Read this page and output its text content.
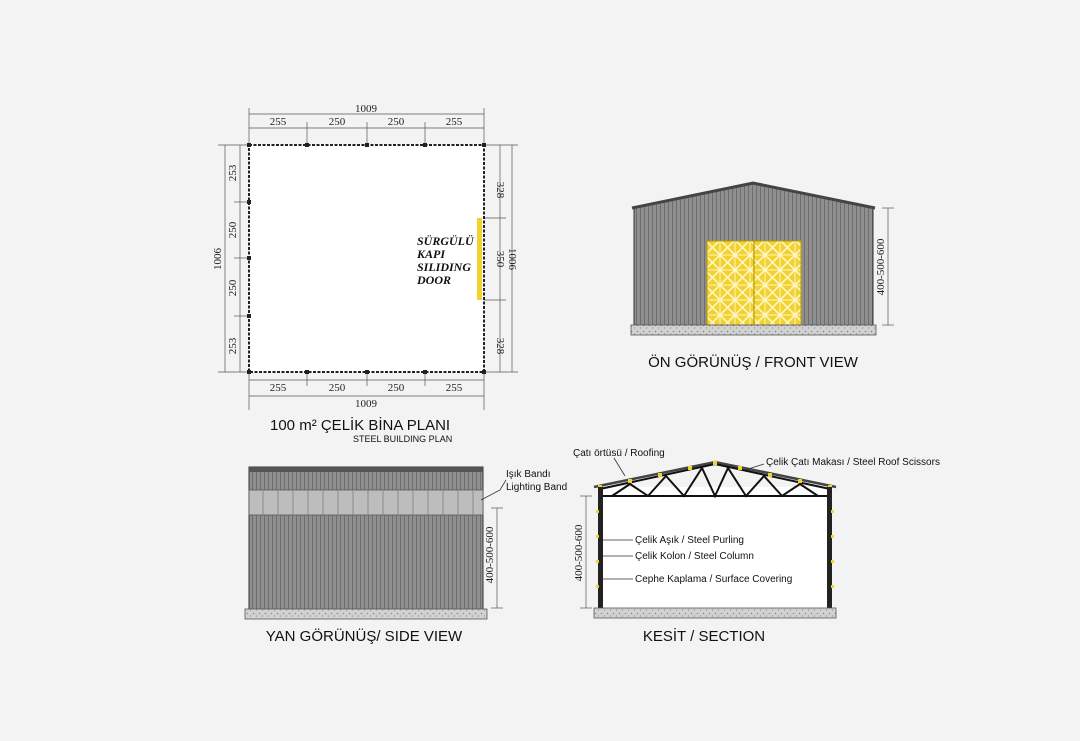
1009
255	250	250	255
255	250	250	255
1009
1006
253
250
250
253
328
350
328
1006
SÜRGÜLÜ
KAPI
SILIDING
DOOR
100 m² ÇELİK BİNA PLANI
STEEL BUILDING PLAN
400-500-600
ÖN GÖRÜNÜŞ / FRONT VIEW
Işık Bandı
Lighting Band
400-500-600
YAN GÖRÜNÜŞ/ SIDE VIEW
Çatı örtüsü / Roofing
Çelik Çatı Makası / Steel Roof Scissors
Çelik Aşık / Steel Purling
Çelik Kolon / Steel Column
Cephe Kaplama / Surface Covering
400-500-600
KESİT / SECTION
